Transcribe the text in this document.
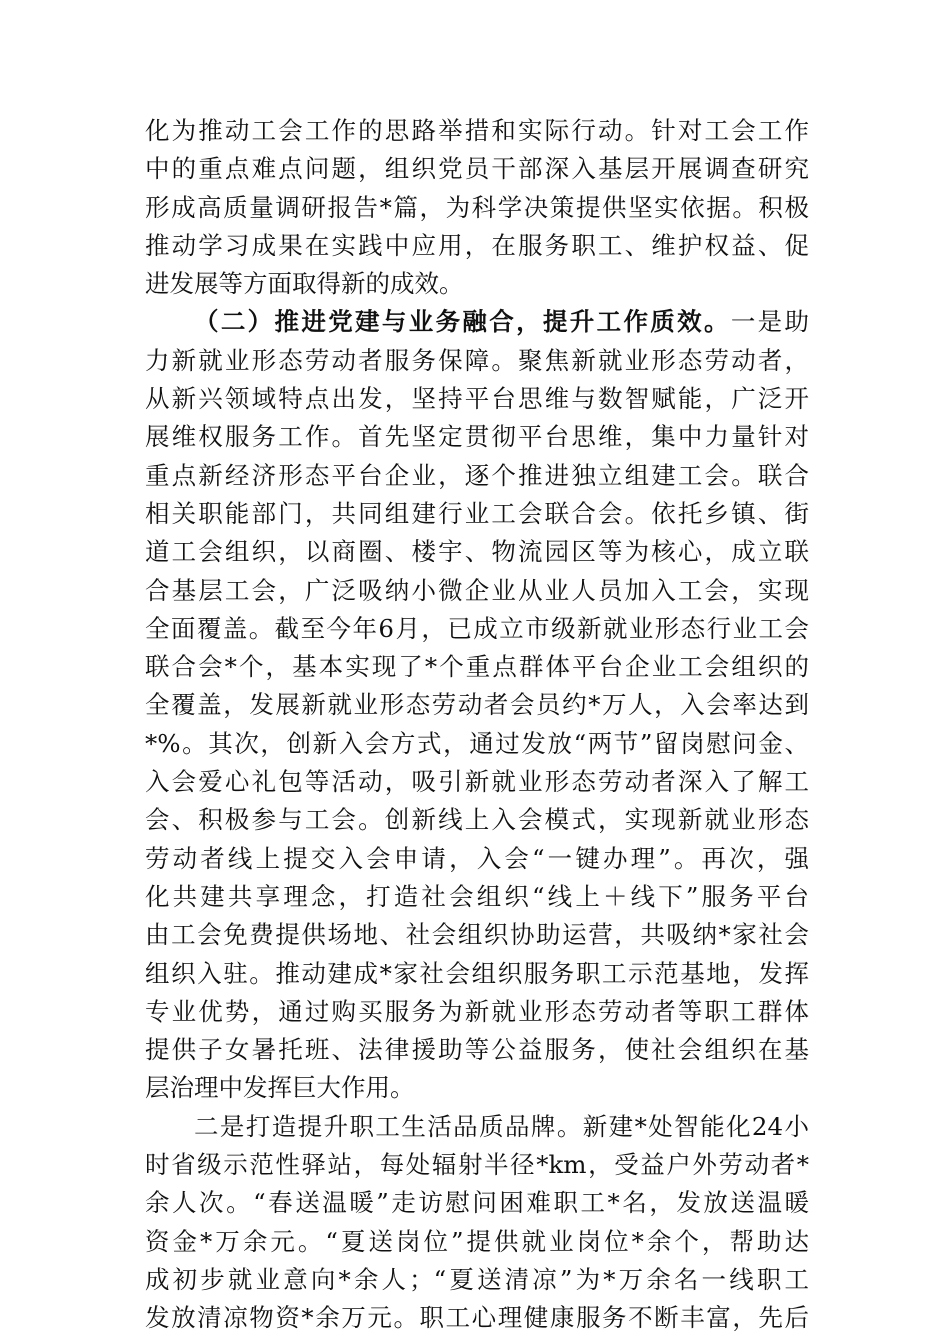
化为推动工会工作的思路举措和实际行动。针对工会工作
中的重点难点问题，组织党员干部深入基层开展调查研究
形成高质量调研报告*篇，为科学决策提供坚实依据。积极
推动学习成果在实践中应用，在服务职工、维护权益、促
进发展等方面取得新的成效。
（二）推进党建与业务融合，提升工作质效。一是助
力新就业形态劳动者服务保障。聚焦新就业形态劳动者，
从新兴领域特点出发，坚持平台思维与数智赋能，广泛开
展维权服务工作。首先坚定贯彻平台思维，集中力量针对
重点新经济形态平台企业，逐个推进独立组建工会。联合
相关职能部门，共同组建行业工会联合会。依托乡镇、街
道工会组织，以商圈、楼宇、物流园区等为核心，成立联
合基层工会，广泛吸纳小微企业从业人员加入工会，实现
全面覆盖。截至今年6月，已成立市级新就业形态行业工会
联合会*个，基本实现了*个重点群体平台企业工会组织的
全覆盖，发展新就业形态劳动者会员约*万人，入会率达到
*%。其次，创新入会方式，通过发放“两节”留岗慰问金、
入会爱心礼包等活动，吸引新就业形态劳动者深入了解工
会、积极参与工会。创新线上入会模式，实现新就业形态
劳动者线上提交入会申请，入会“一键办理”。再次，强
化共建共享理念，打造社会组织“线上＋线下”服务平台
由工会免费提供场地、社会组织协助运营，共吸纳*家社会
组织入驻。推动建成*家社会组织服务职工示范基地，发挥
专业优势，通过购买服务为新就业形态劳动者等职工群体
提供子女暑托班、法律援助等公益服务，使社会组织在基
层治理中发挥巨大作用。
二是打造提升职工生活品质品牌。新建*处智能化24小
时省级示范性驿站，每处辐射半径*km，受益户外劳动者*
余人次。“春送温暖”走访慰问困难职工*名，发放送温暖
资金*万余元。“夏送岗位”提供就业岗位*余个，帮助达
成初步就业意向*余人；“夏送清凉”为*万余名一线职工
发放清凉物资*余万元。职工心理健康服务不断丰富，先后
